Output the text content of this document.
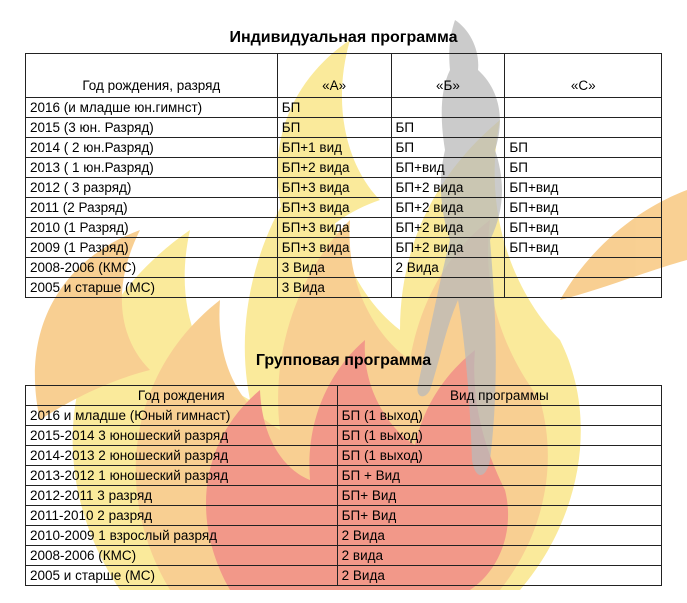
Индивидуальная программа
Год рождения, разряд	«А»	«Б»	«С»
2016 (и младше юн.гимнст)	БП		
2015 (3 юн. Разряд)	БП	БП	
2014 ( 2 юн.Разряд)	БП+1 вид	БП	БП
2013 ( 1 юн.Разряд)	БП+2 вида	БП+вид	БП
2012 ( 3 разряд)	БП+3 вида	БП+2 вида	БП+вид
2011 (2 Разряд)	БП+3 вида	БП+2 вида	БП+вид
2010 (1 Разряд)	БП+3 вида	БП+2 вида	БП+вид
2009 (1 Разряд)	БП+3 вида	БП+2 вида	БП+вид
2008-2006 (КМС)	3 Вида	2 Вида	
2005 и старше (МС)	3 Вида		
Групповая программа
Год рождения	Вид программы
2016 и младше (Юный гимнаст)	БП (1 выход)
2015-2014 3 юношеский разряд	БП (1 выход)
2014-2013 2 юношеский разряд	БП (1 выход)
2013-2012 1 юношеский разряд	БП + Вид
2012-2011 3 разряд	БП+ Вид
2011-2010 2 разряд	БП+ Вид
2010-2009 1 взрослый разряд	2 Вида
2008-2006 (КМС)	2 вида
2005 и старше (МС)	2 Вида
